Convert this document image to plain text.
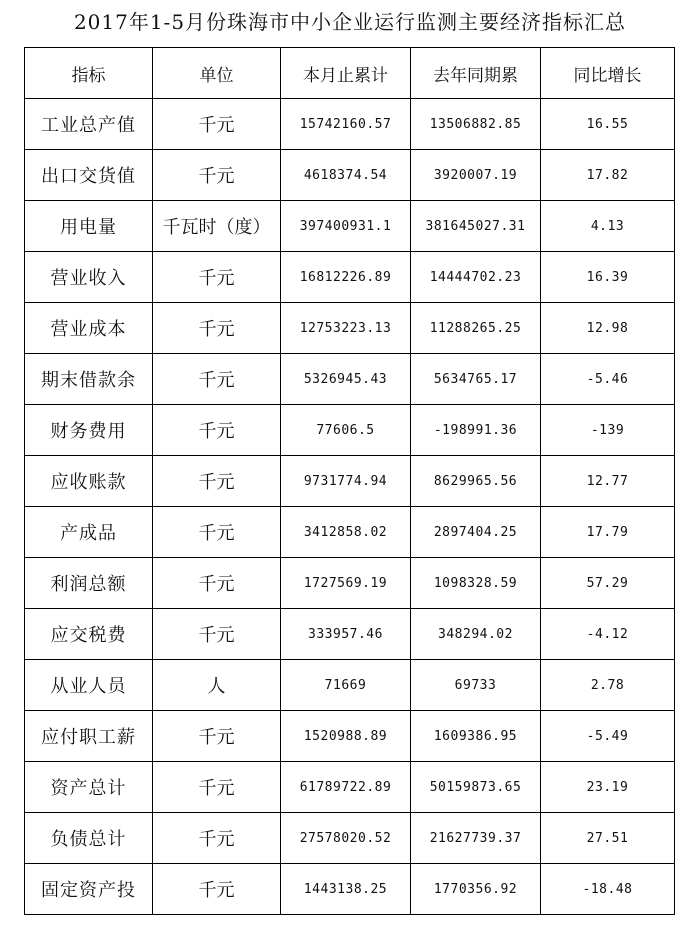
2017年1-5月份珠海市中小企业运行监测主要经济指标汇总
指标	单位	本月止累计	去年同期累	同比增长
工业总产值	千元	15742160.57	13506882.85	16.55
出口交货值	千元	4618374.54	3920007.19	17.82
用电量	千瓦时（度）	397400931.1	381645027.31	4.13
营业收入	千元	16812226.89	14444702.23	16.39
营业成本	千元	12753223.13	11288265.25	12.98
期末借款余	千元	5326945.43	5634765.17	-5.46
财务费用	千元	77606.5	-198991.36	-139
应收账款	千元	9731774.94	8629965.56	12.77
产成品	千元	3412858.02	2897404.25	17.79
利润总额	千元	1727569.19	1098328.59	57.29
应交税费	千元	333957.46	348294.02	-4.12
从业人员	人	71669	69733	2.78
应付职工薪	千元	1520988.89	1609386.95	-5.49
资产总计	千元	61789722.89	50159873.65	23.19
负债总计	千元	27578020.52	21627739.37	27.51
固定资产投	千元	1443138.25	1770356.92	-18.48
